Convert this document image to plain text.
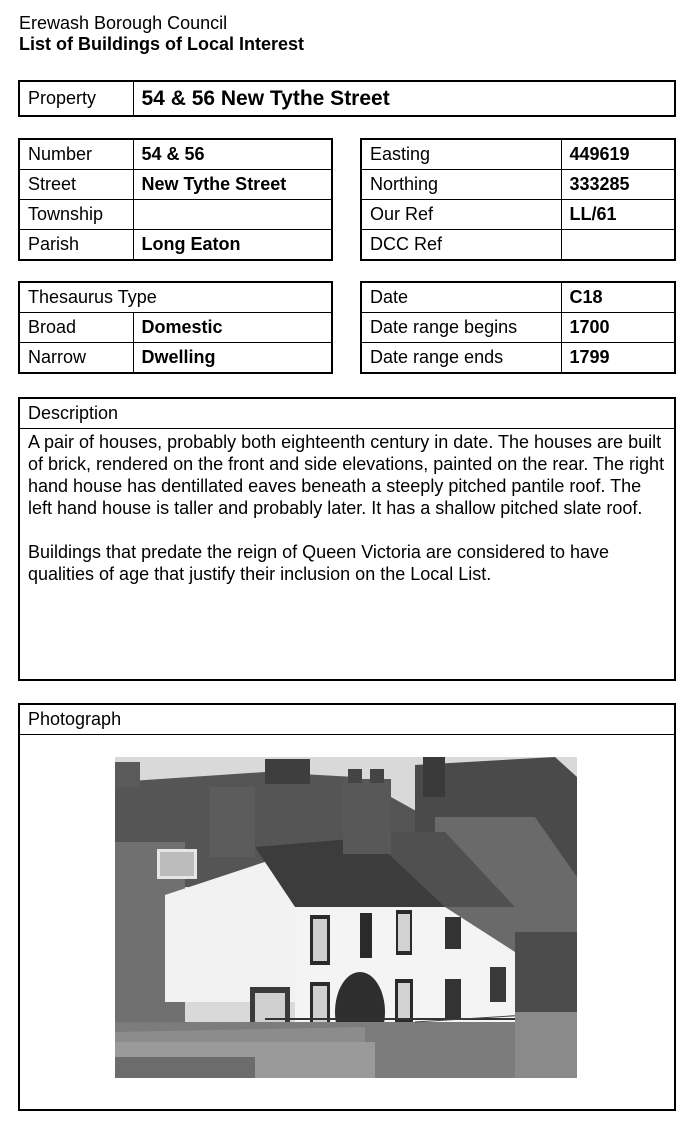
Erewash Borough Council
List of Buildings of Local Interest
Property	54 & 56 New Tythe Street
Number	54 & 56
Street	New Tythe Street
Township	
Parish	Long Eaton
Easting	449619
Northing	333285
Our Ref	LL/61
DCC Ref	
Thesaurus Type	
Broad	Domestic
Narrow	Dwelling
Date	C18
Date range begins	1700
Date range ends	1799
Description

A pair of houses, probably both eighteenth century in date. The houses are built of brick, rendered on the front and side elevations, painted on the rear. The right hand house has dentillated eaves beneath a steeply pitched pantile roof. The left hand house is taller and probably later. It has a shallow pitched slate roof.

Buildings that predate the reign of Queen Victoria are considered to have qualities of age that justify their inclusion on the Local List.

Photograph
